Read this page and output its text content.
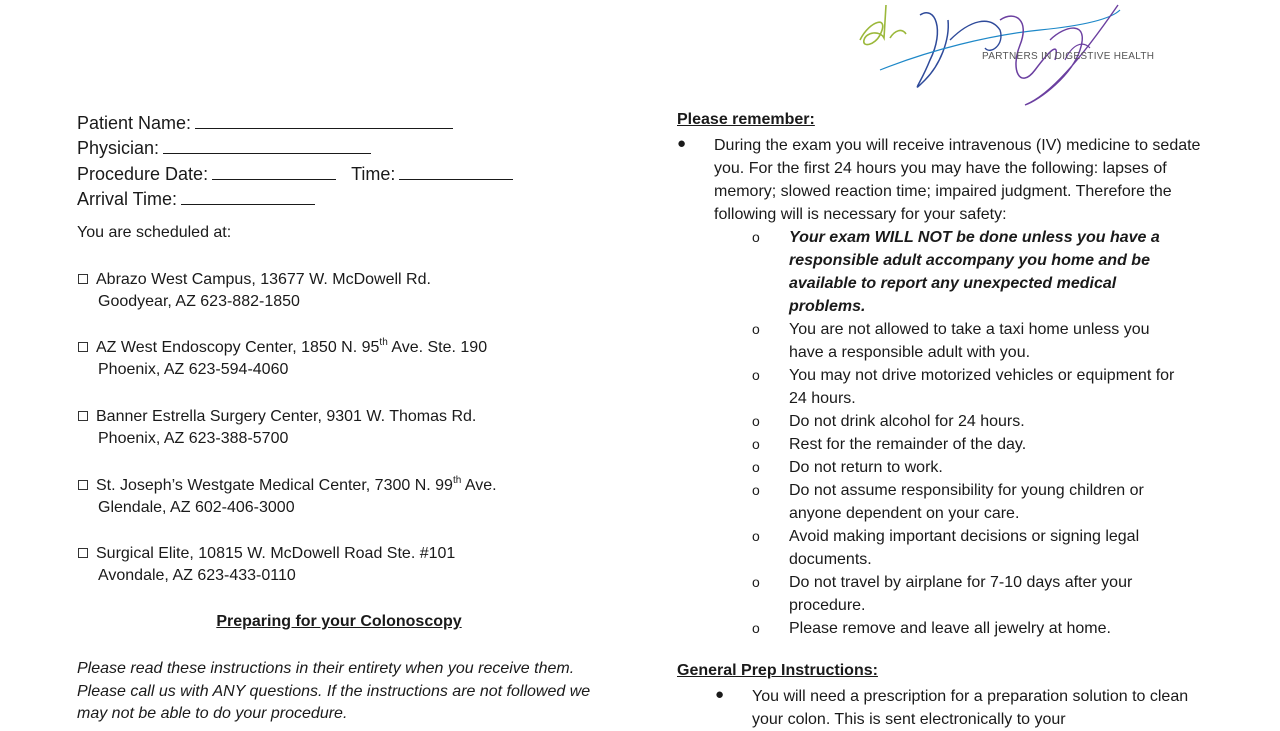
PARTNERS IN DIGESTIVE HEALTH
Patient Name:
Physician:
Procedure Date:	Time:
Arrival Time:
You are scheduled at:
Abrazo West Campus, 13677 W. McDowell Rd.
Goodyear, AZ 623-882-1850
AZ West Endoscopy Center, 1850 N. 95th Ave. Ste. 190
Phoenix, AZ 623-594-4060
Banner Estrella Surgery Center, 9301 W. Thomas Rd.
Phoenix, AZ 623-388-5700
St. Joseph’s Westgate Medical Center, 7300 N. 99th Ave.
Glendale, AZ 602-406-3000
Surgical Elite, 10815 W. McDowell Road Ste. #101
Avondale, AZ 623-433-0110
Preparing for your Colonoscopy
Please read these instructions in their entirety when you receive them. Please call us with ANY questions. If the instructions are not followed we may not be able to do your procedure.
Please remember:
● During the exam you will receive intravenous (IV) medicine to sedate you. For the first 24 hours you may have the following: lapses of memory; slowed reaction time; impaired judgment. Therefore the following will is necessary for your safety:
o Your exam WILL NOT be done unless you have a responsible adult accompany you home and be available to report any unexpected medical problems.
o You are not allowed to take a taxi home unless you have a responsible adult with you.
o You may not drive motorized vehicles or equipment for 24 hours.
o Do not drink alcohol for 24 hours.
o Rest for the remainder of the day.
o Do not return to work.
o Do not assume responsibility for young children or anyone dependent on your care.
o Avoid making important decisions or signing legal documents.
o Do not travel by airplane for 7-10 days after your procedure.
o Please remove and leave all jewelry at home.
General Prep Instructions:
● You will need a prescription for a preparation solution to clean your colon. This is sent electronically to your
